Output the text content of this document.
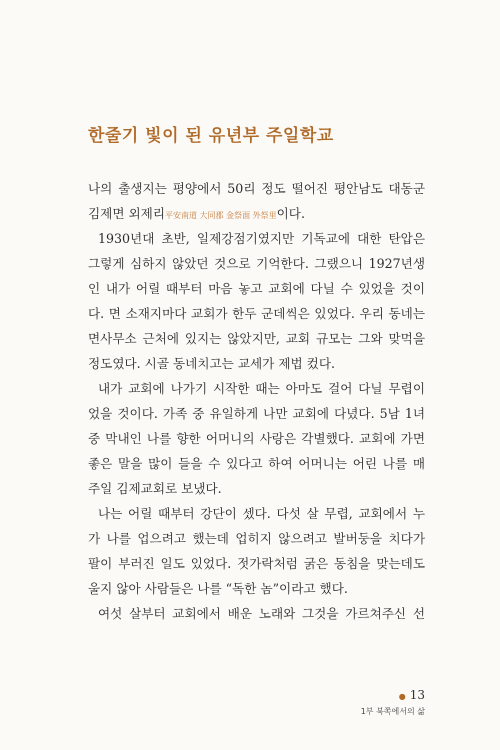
한줄기 빛이 된 유년부 주일학교
나의 출생지는 평양에서 50리 정도 떨어진 평안남도 대동군
김제면 외제리平安南道 大同郡 金祭面 外祭里이다.
1930년대 초반, 일제강점기였지만 기독교에 대한 탄압은
그렇게 심하지 않았던 것으로 기억한다. 그랬으니 1927년생
인 내가 어릴 때부터 마음 놓고 교회에 다닐 수 있었을 것이
다. 면 소재지마다 교회가 한두 군데씩은 있었다. 우리 동네는
면사무소 근처에 있지는 않았지만, 교회 규모는 그와 맞먹을
정도였다. 시골 동네치고는 교세가 제법 컸다.
내가 교회에 나가기 시작한 때는 아마도 걸어 다닐 무렵이
었을 것이다. 가족 중 유일하게 나만 교회에 다녔다. 5남 1녀
중 막내인 나를 향한 어머니의 사랑은 각별했다. 교회에 가면
좋은 말을 많이 들을 수 있다고 하여 어머니는 어린 나를 매
주일 김제교회로 보냈다.
나는 어릴 때부터 강단이 셌다. 다섯 살 무렵, 교회에서 누
가 나를 업으려고 했는데 업히지 않으려고 발버둥을 치다가
팔이 부러진 일도 있었다. 젓가락처럼 굵은 동침을 맞는데도
울지 않아 사람들은 나를 “독한 놈”이라고 했다.
여섯 살부터 교회에서 배운 노래와 그것을 가르쳐주신 선
● 13
1부 북쪽에서의 삶
